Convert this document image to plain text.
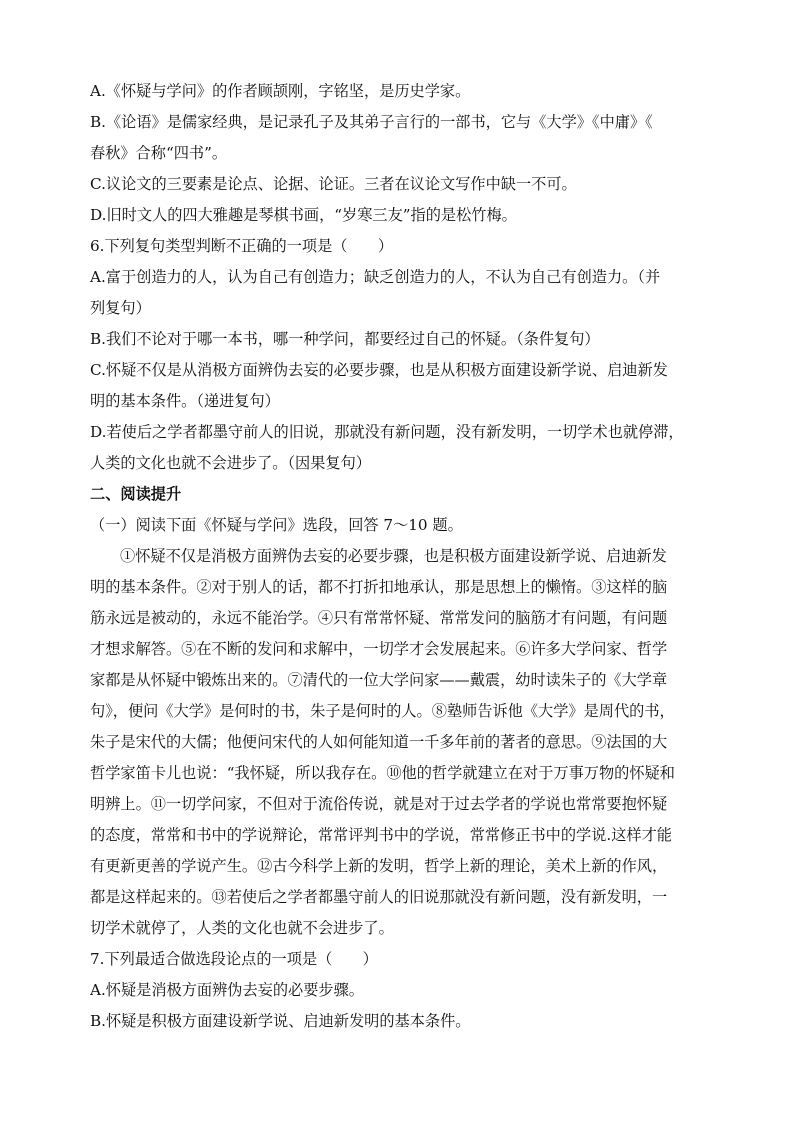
A.《怀疑与学问》的作者顾颉刚，字铭坚，是历史学家。
B.《论语》是儒家经典，是记录孔子及其弟子言行的一部书，它与《大学》《中庸》《
春秋》合称“四书”。
C.议论文的三要素是论点、论据、论证。三者在议论文写作中缺一不可。
D.旧时文人的四大雅趣是琴棋书画，“岁寒三友”指的是松竹梅。
6.下列复句类型判断不正确的一项是（　　）
A.富于创造力的人，认为自己有创造力；缺乏创造力的人，不认为自己有创造力。（并
列复句）
B.我们不论对于哪一本书，哪一种学问，都要经过自己的怀疑。（条件复句）
C.怀疑不仅是从消极方面辨伪去妄的必要步骤，也是从积极方面建设新学说、启迪新发
明的基本条件。（递进复句）
D.若使后之学者都墨守前人的旧说，那就没有新问题，没有新发明，一切学术也就停滞，
人类的文化也就不会进步了。（因果复句）
二、阅读提升
（一）阅读下面《怀疑与学问》选段，回答 7～10 题。
①怀疑不仅是消极方面辨伪去妄的必要步骤，也是积极方面建设新学说、启迪新发
明的基本条件。②对于别人的话，都不打折扣地承认，那是思想上的懒惰。③这样的脑
筋永远是被动的，永远不能治学。④只有常常怀疑、常常发问的脑筋才有问题，有问题
才想求解答。⑤在不断的发问和求解中，一切学才会发展起来。⑥许多大学问家、哲学
家都是从怀疑中锻炼出来的。⑦清代的一位大学问家——戴震，幼时读朱子的《大学章
句》，便问《大学》是何时的书，朱子是何时的人。⑧塾师告诉他《大学》是周代的书，
朱子是宋代的大儒；他便问宋代的人如何能知道一千多年前的著者的意思。⑨法国的大
哲学家笛卡儿也说：“我怀疑，所以我存在。⑩他的哲学就建立在对于万事万物的怀疑和
明辨上。⑪一切学问家，不但对于流俗传说，就是对于过去学者的学说也常常要抱怀疑
的态度，常常和书中的学说辩论，常常评判书中的学说，常常修正书中的学说.这样才能
有更新更善的学说产生。⑫古今科学上新的发明，哲学上新的理论，美术上新的作风，
都是这样起来的。⑬若使后之学者都墨守前人的旧说那就没有新问题，没有新发明，一
切学术就停了，人类的文化也就不会进步了。
7.下列最适合做选段论点的一项是（　　）
A.怀疑是消极方面辨伪去妄的必要步骤。
B.怀疑是积极方面建设新学说、启迪新发明的基本条件。
